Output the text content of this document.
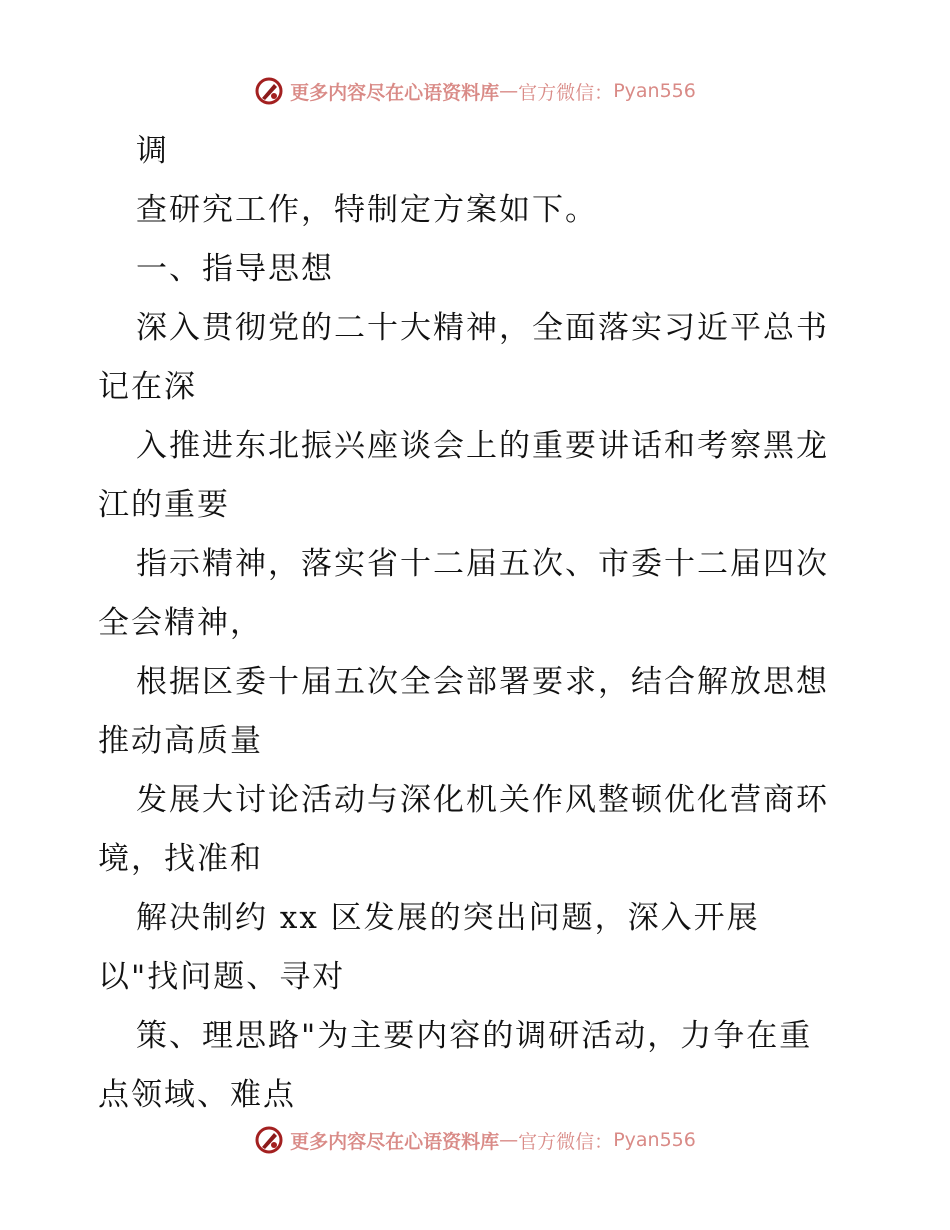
更多内容尽在心语资料库 — 官方微信： Pyan556
调
查研究工作，特制定方案如下。
一、指导思想
深入贯彻党的二十大精神，全面落实习近平总书
记在深
入推进东北振兴座谈会上的重要讲话和考察黑龙
江的重要
指示精神，落实省十二届五次、市委十二届四次
全会精神，
根据区委十届五次全会部署要求，结合解放思想
推动高质量
发展大讨论活动与深化机关作风整顿优化营商环
境，找准和
解决制约 xx 区发展的突出问题，深入开展
以"找问题、寻对
策、理思路"为主要内容的调研活动，力争在重
点领域、难点
更多内容尽在心语资料库 — 官方微信： Pyan556
